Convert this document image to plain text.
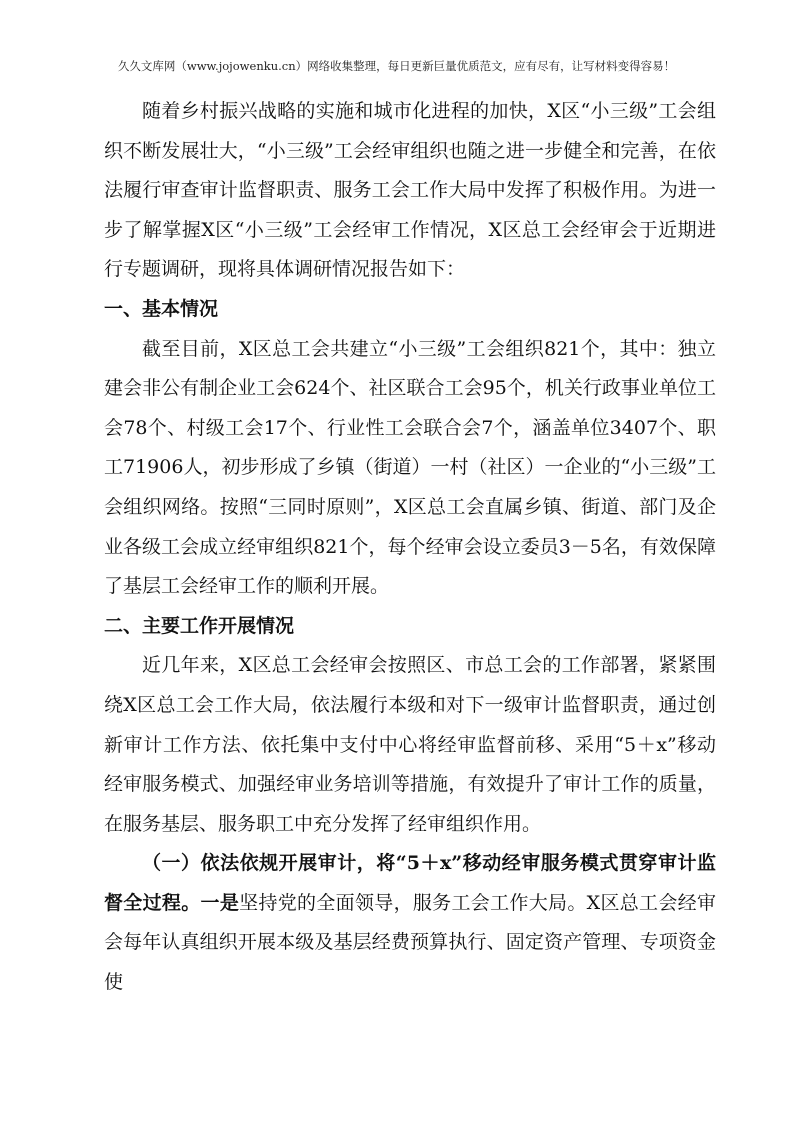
久久文库网（www.jojowenku.cn）网络收集整理，每日更新巨量优质范文，应有尽有，让写材料变得容易！

随着乡村振兴战略的实施和城市化进程的加快，X区“小三级”工会组织不断发展壮大，“小三级”工会经审组织也随之进一步健全和完善，在依法履行审查审计监督职责、服务工会工作大局中发挥了积极作用。为进一步了解掌握X区“小三级”工会经审工作情况，X区总工会经审会于近期进行专题调研，现将具体调研情况报告如下：

一、基本情况

截至目前，X区总工会共建立“小三级”工会组织821个，其中：独立建会非公有制企业工会624个、社区联合工会95个，机关行政事业单位工会78个、村级工会17个、行业性工会联合会7个，涵盖单位3407个、职工71906人，初步形成了乡镇（街道）一村（社区）一企业的“小三级”工会组织网络。按照“三同时原则”，X区总工会直属乡镇、街道、部门及企业各级工会成立经审组织821个，每个经审会设立委员3－5名，有效保障了基层工会经审工作的顺利开展。

二、主要工作开展情况

近几年来，X区总工会经审会按照区、市总工会的工作部署，紧紧围绕X区总工会工作大局，依法履行本级和对下一级审计监督职责，通过创新审计工作方法、依托集中支付中心将经审监督前移、采用“5＋x”移动经审服务模式、加强经审业务培训等措施，有效提升了审计工作的质量，在服务基层、服务职工中充分发挥了经审组织作用。

（一）依法依规开展审计，将“5＋x”移动经审服务模式贯穿审计监督全过程。一是坚持党的全面领导，服务工会工作大局。X区总工会经审会每年认真组织开展本级及基层经费预算执行、固定资产管理、专项资金使
